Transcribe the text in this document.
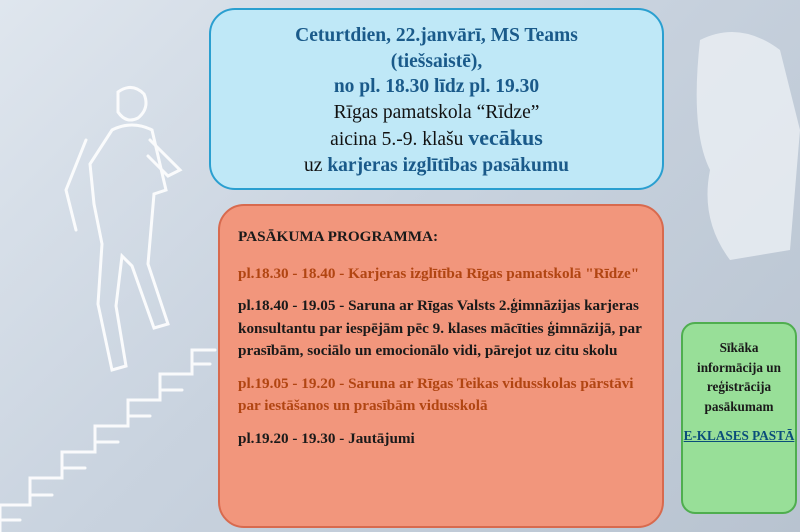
Ceturtdien, 22.janvārī, MS Teams
(tiešsaistē),
no pl. 18.30 līdz pl. 19.30
Rīgas pamatskola “Rīdze”
aicina 5.-9. klašu vecākus
uz karjeras izglītības pasākumu

PASĀKUMA PROGRAMMA:

pl.18.30 - 18.40 - Karjeras izglītība Rīgas pamatskolā "Rīdze"

pl.18.40 - 19.05 - Saruna ar Rīgas Valsts 2.ģimnāzijas karjeras konsultantu par iespējām pēc 9. klases mācīties ģimnāzijā, par prasībām, sociālo un emocionālo vidi, pārejot uz citu skolu

pl.19.05 - 19.20 - Saruna ar Rīgas Teikas vidusskolas pārstāvi par iestāšanos un prasībām vidusskolā

pl.19.20 - 19.30 - Jautājumi

Sīkāka informācija un reģistrācija pasākumam
E-KLASES PASTĀ
